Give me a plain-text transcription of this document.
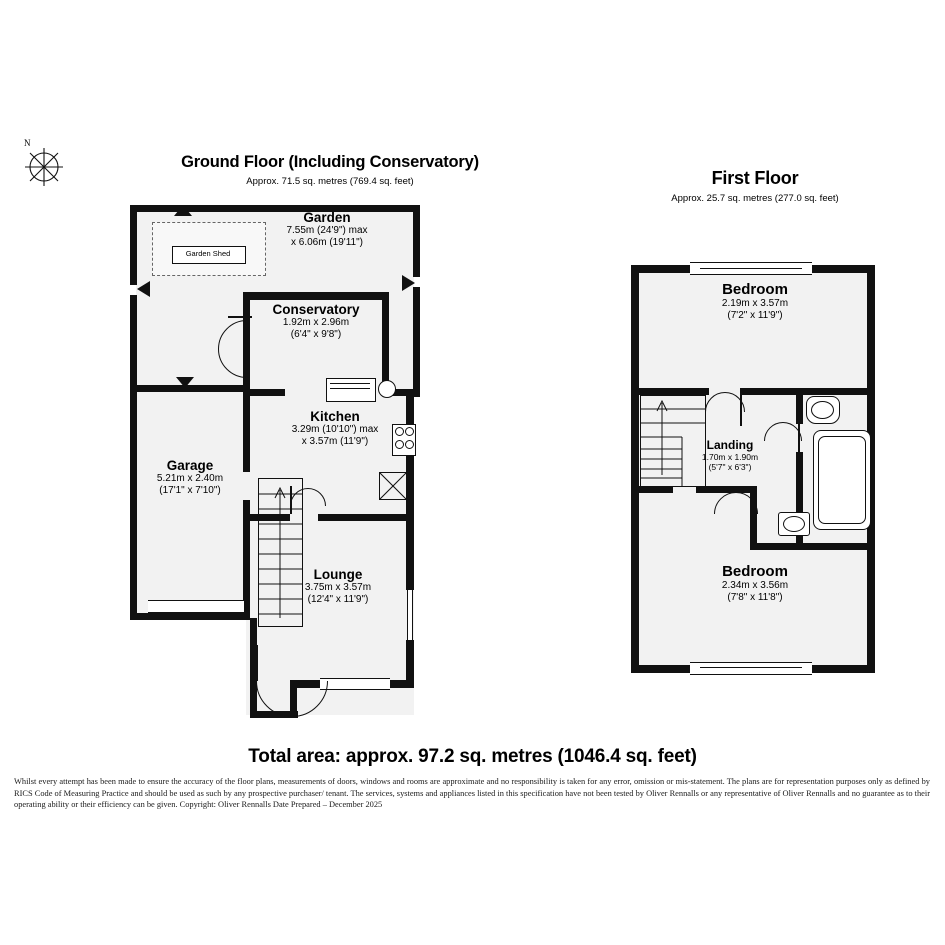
N
Ground Floor (Including Conservatory)
Approx. 71.5 sq. metres (769.4 sq. feet)	First Floor
Approx. 25.7 sq. metres (277.0 sq. feet)
Garden Shed
Garden
7.55m (24'9") max
x 6.06m (19'11")
Conservatory
1.92m x 2.96m
(6'4" x 9'8")
Kitchen
3.29m (10'10") max
x 3.57m (11'9")
Garage
5.21m x 2.40m
(17'1" x 7'10")
Lounge
3.75m x 3.57m
(12'4" x 11'9")
Bedroom
2.19m x 3.57m
(7'2" x 11'9")
Landing
1.70m x 1.90m
(5'7" x 6'3")
Bedroom
2.34m x 3.56m
(7'8" x 11'8")
Total area: approx. 97.2 sq. metres (1046.4 sq. feet)
Whilst every attempt has been made to ensure the accuracy of the floor plans, measurements of doors, windows and rooms are approximate and no responsibility is taken for any error, omission or mis-statement. The plans are for representation purposes only as defined by RICS Code of Measuring Practice and should be used as such by any prospective purchaser/ tenant. The services, systems and appliances listed in this specification have not been tested by Oliver Rennalls or any representative of Oliver Rennalls and no guarantee as to their operating ability or their efficiency can be given. Copyright: Oliver Rennalls Date Prepared – December 2025
